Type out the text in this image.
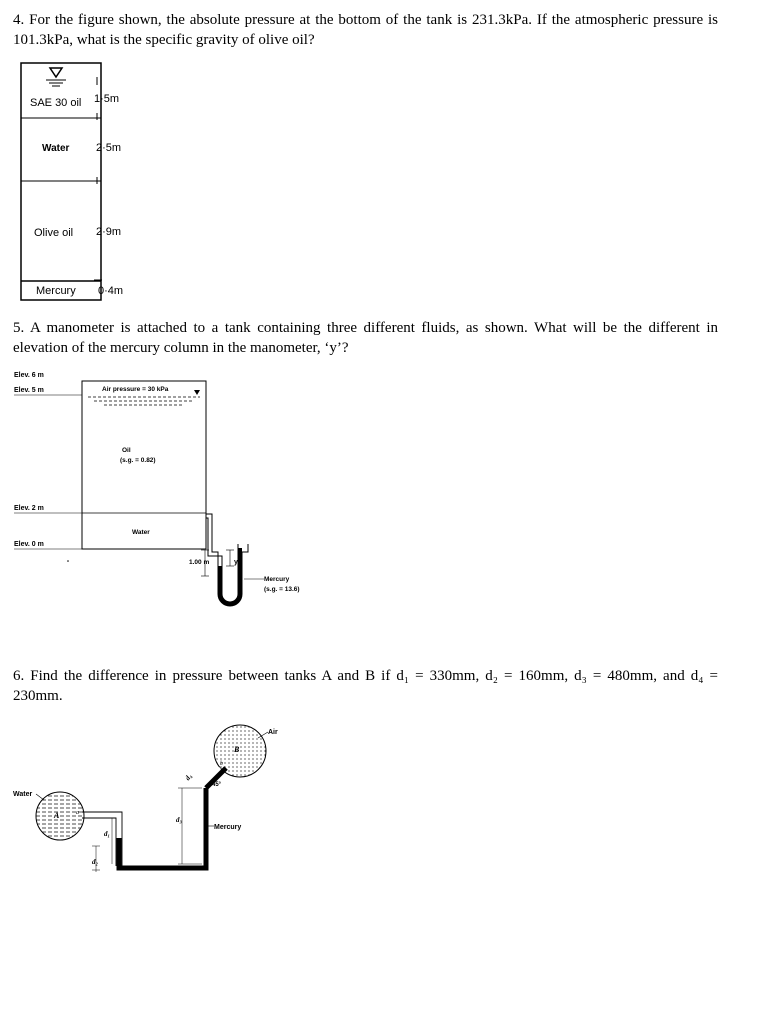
4. For the figure shown, the absolute pressure at the bottom of the tank is 231.3kPa. If the atmospheric pressure is 101.3kPa, what is the specific gravity of olive oil?
SAE 30 oil
Water
Olive oil
Mercury
1·5m
2·5m
2·9m
0·4m
5. A manometer is attached to a tank containing three different fluids, as shown. What will be the different in elevation of the mercury column in the manometer, ‘y’?
Elev. 6 m
Elev. 5 m
Elev. 2 m
Elev. 0 m
Air pressure = 30 kPa
Oil
(s.g. = 0.82)
Water
1.00 m	y
Mercury
(s.g. = 13.6)
6. Find the difference in pressure between tanks A and B if d₁ = 330mm, d₂ = 160mm, d₃ = 480mm, and d₄ = 230mm.
A
Water
a
B
Air
b
d₁
d₂
d₃
d₄
45°
Mercury
